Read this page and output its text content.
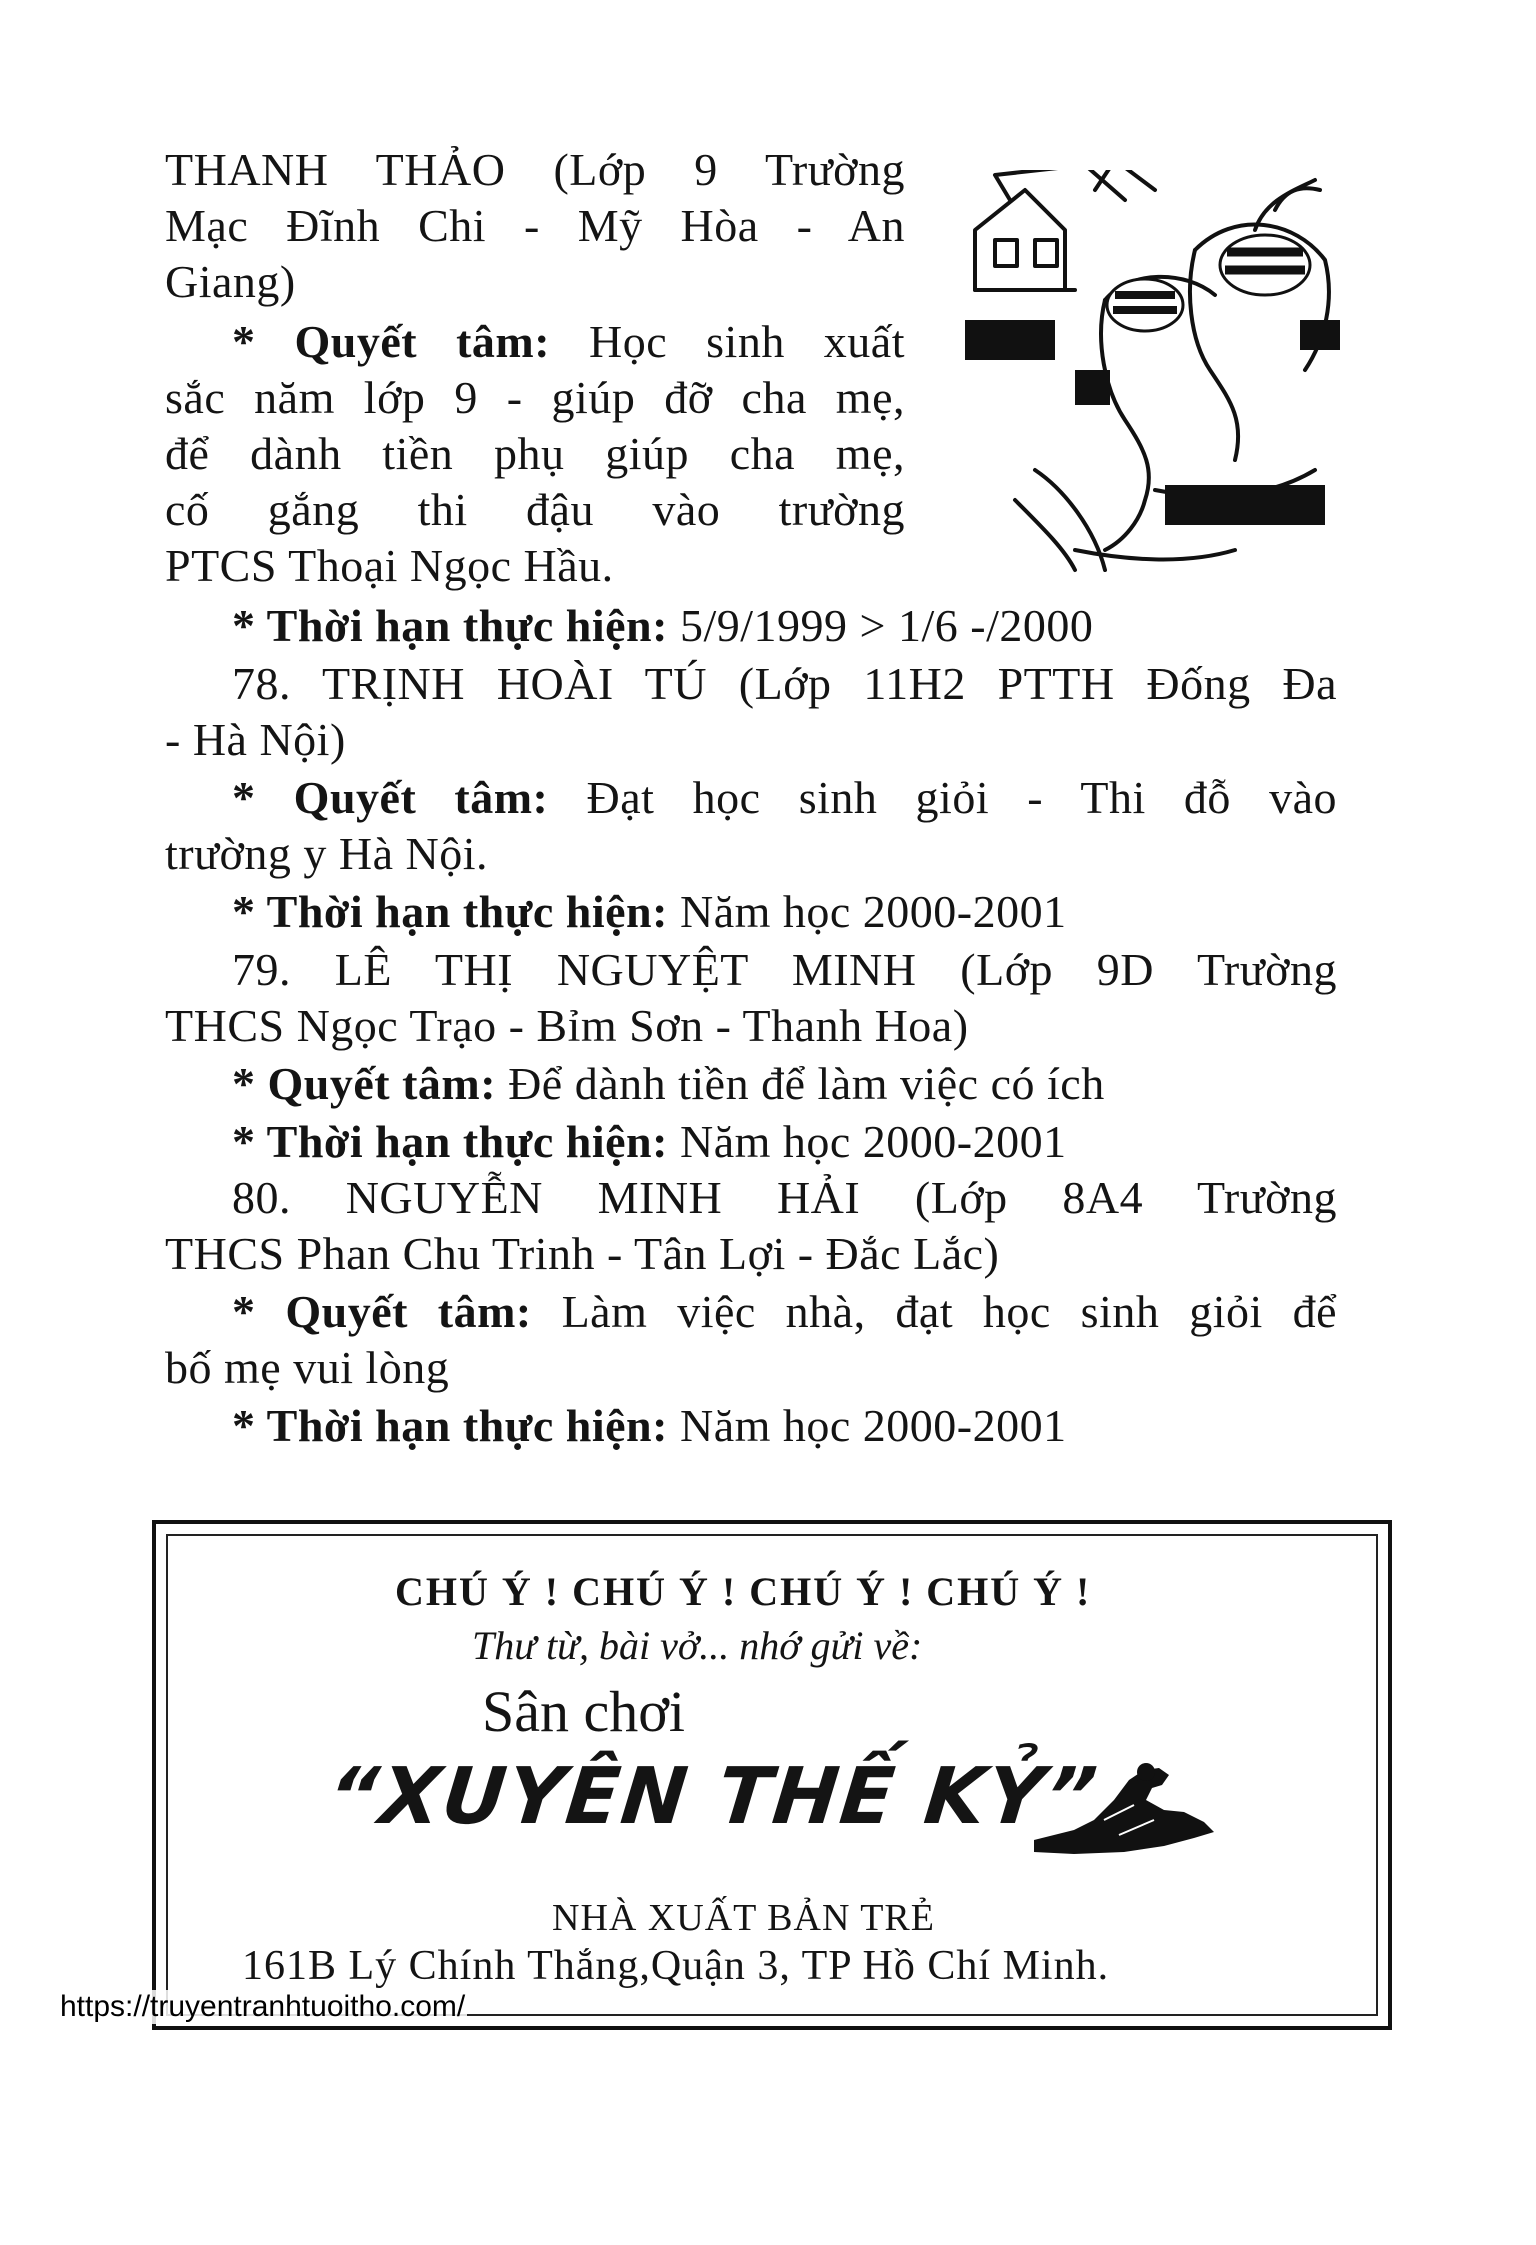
THANH THẢO (Lớp 9 Trường
Mạc Đĩnh Chi - Mỹ Hòa - An
Giang)
* Quyết tâm: Học sinh xuất
sắc năm lớp 9 - giúp đỡ cha mẹ,
để dành tiền phụ giúp cha mẹ,
cố gắng thi đậu vào trường
PTCS Thoại Ngọc Hầu.
* Thời hạn thực hiện: 5/9/1999 > 1/6 -/2000
78. TRỊNH HOÀI TÚ (Lớp 11H2 PTTH Đống Đa
- Hà Nội)
* Quyết tâm: Đạt học sinh giỏi - Thi đỗ vào
trường y Hà Nội.
* Thời hạn thực hiện: Năm học 2000-2001
79. LÊ THỊ NGUYỆT MINH (Lớp 9D Trường
THCS Ngọc Trạo - Bỉm Sơn - Thanh Hoa)
* Quyết tâm: Để dành tiền để làm việc có ích
* Thời hạn thực hiện: Năm học 2000-2001
80. NGUYỄN MINH HẢI (Lớp 8A4 Trường
THCS Phan Chu Trinh - Tân Lợi - Đắc Lắc)
* Quyết tâm: Làm việc nhà, đạt học sinh giỏi để
bố mẹ vui lòng
* Thời hạn thực hiện: Năm học 2000-2001
CHÚ Ý ! CHÚ Ý ! CHÚ Ý ! CHÚ Ý !
Thư từ, bài vở... nhớ gửi về:
Sân chơi
“XUYÊN THẾ KỶ”
NHÀ XUẤT BẢN TRẺ
161B Lý Chính Thắng,Quận 3, TP Hồ Chí Minh.
https://truyentranhtuoitho.com/
